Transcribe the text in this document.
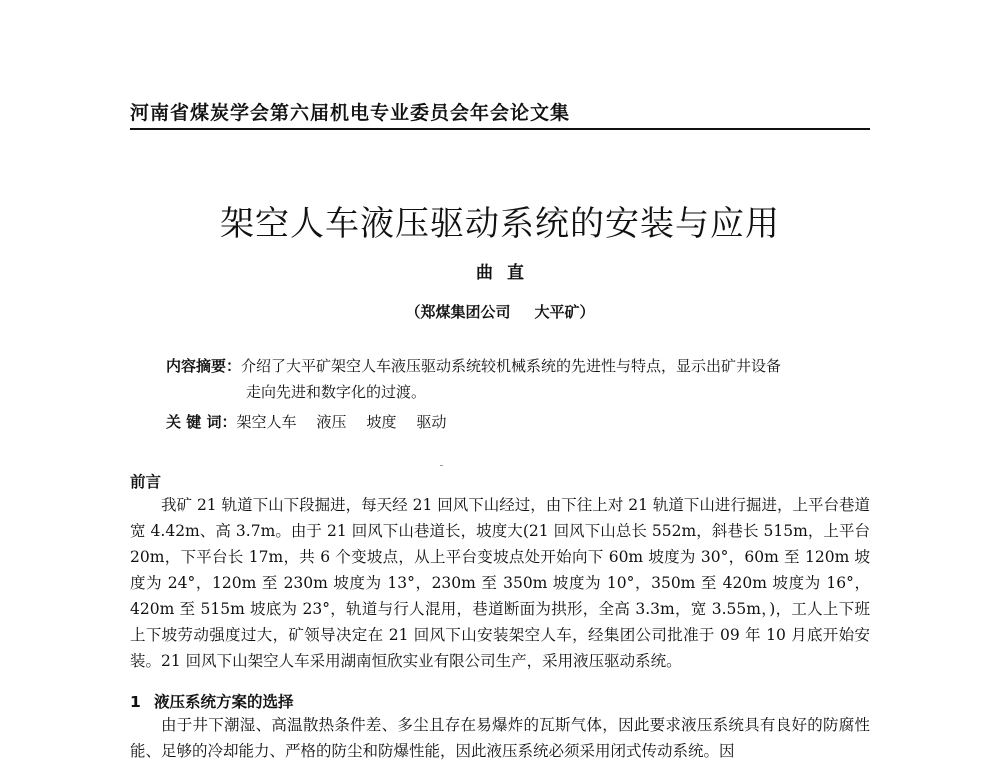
河南省煤炭学会第六届机电专业委员会年会论文集
架空人车液压驱动系统的安装与应用
曲直
（郑煤集团公司 大平矿）
内容摘要：介绍了大平矿架空人车液压驱动系统较机械系统的先进性与特点，显示出矿井设备
走向先进和数字化的过渡。
关 键 词：架空人车 液压 坡度 驱动
前言

我矿 21 轨道下山下段掘进，每天经 21 回风下山经过，由下往上对 21 轨道下山进行掘进，上平台巷道宽 4.42m、高 3.7m。由于 21 回风下山巷道长，坡度大(21 回风下山总长 552m，斜巷长 515m，上平台 20m，下平台长 17m，共 6 个变坡点，从上平台变坡点处开始向下 60m 坡度为 30°，60m 至 120m 坡度为 24°，120m 至 230m 坡度为 13°，230m 至 350m 坡度为 10°，350m 至 420m 坡度为 16°，420m 至 515m 坡底为 23°，轨道与行人混用，巷道断面为拱形，全高 3.3m，宽 3.55m，)，工人上下班上下坡劳动强度过大，矿领导决定在 21 回风下山安装架空人车，经集团公司批准于 09 年 10 月底开始安装。21 回风下山架空人车采用湖南恒欣实业有限公司生产，采用液压驱动系统。

1 液压系统方案的选择

由于井下潮湿、高温散热条件差、多尘且存在易爆炸的瓦斯气体，因此要求液压系统具有良好的防腐性能、足够的冷却能力、严格的防尘和防爆性能，因此液压系统必须采用闭式传动系统。因
